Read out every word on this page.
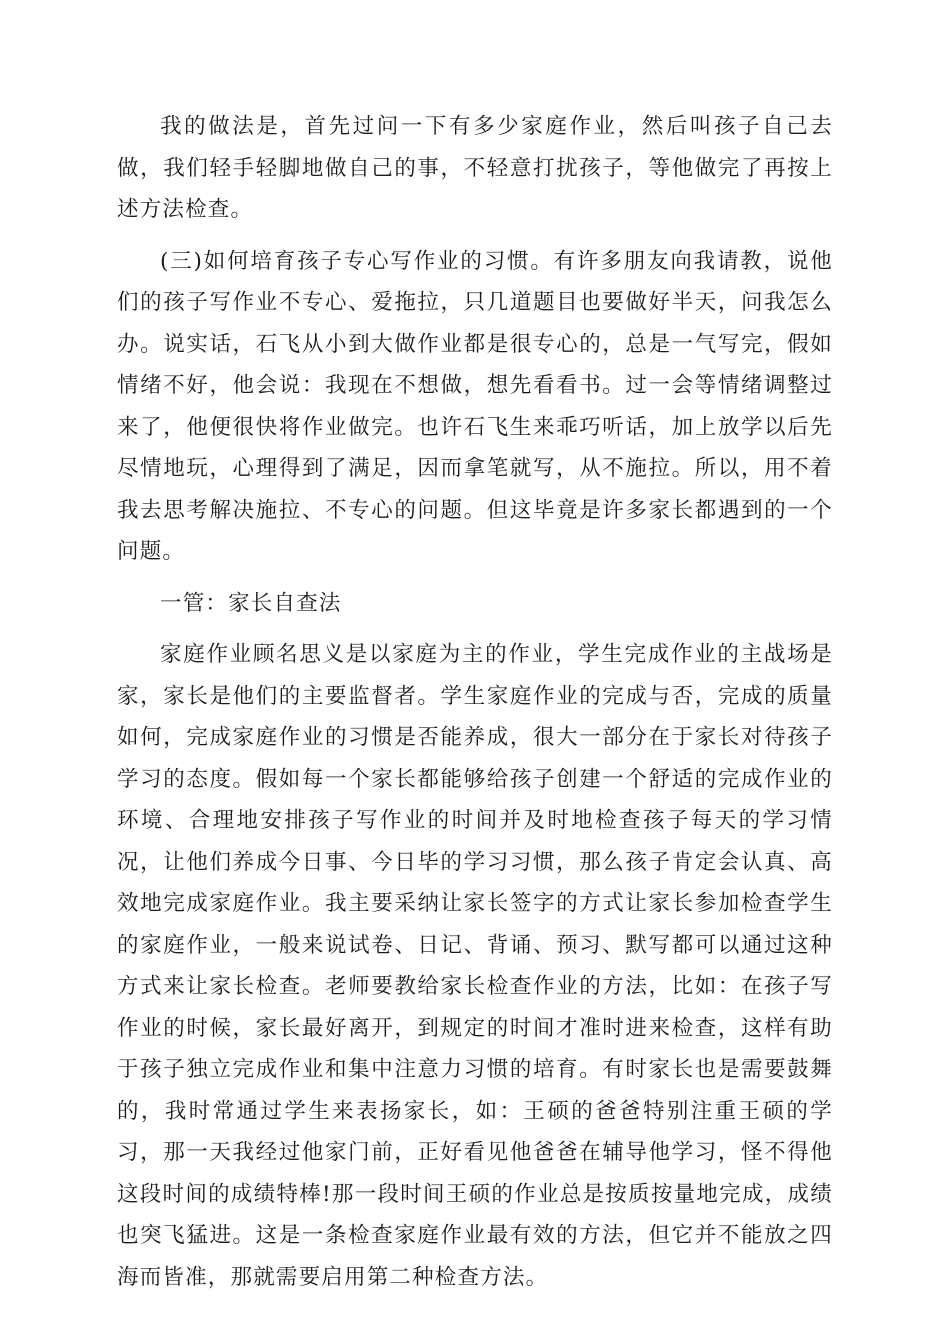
我的做法是，首先过问一下有多少家庭作业，然后叫孩子自己去做，我们轻手轻脚地做自己的事，不轻意打扰孩子，等他做完了再按上述方法检查。

(三)如何培育孩子专心写作业的习惯。有许多朋友向我请教，说他们的孩子写作业不专心、爱拖拉，只几道题目也要做好半天，问我怎么办。说实话，石飞从小到大做作业都是很专心的，总是一气写完，假如情绪不好，他会说：我现在不想做，想先看看书。过一会等情绪调整过来了，他便很快将作业做完。也许石飞生来乖巧听话，加上放学以后先尽情地玩，心理得到了满足，因而拿笔就写，从不施拉。所以，用不着我去思考解决施拉、不专心的问题。但这毕竟是许多家长都遇到的一个问题。

一管：家长自查法

家庭作业顾名思义是以家庭为主的作业，学生完成作业的主战场是家，家长是他们的主要监督者。学生家庭作业的完成与否，完成的质量如何，完成家庭作业的习惯是否能养成，很大一部分在于家长对待孩子学习的态度。假如每一个家长都能够给孩子创建一个舒适的完成作业的环境、合理地安排孩子写作业的时间并及时地检查孩子每天的学习情况，让他们养成今日事、今日毕的学习习惯，那么孩子肯定会认真、高效地完成家庭作业。我主要采纳让家长签字的方式让家长参加检查学生的家庭作业，一般来说试卷、日记、背诵、预习、默写都可以通过这种方式来让家长检查。老师要教给家长检查作业的方法，比如：在孩子写作业的时候，家长最好离开，到规定的时间才准时进来检查，这样有助于孩子独立完成作业和集中注意力习惯的培育。有时家长也是需要鼓舞的，我时常通过学生来表扬家长，如：王硕的爸爸特别注重王硕的学习，那一天我经过他家门前，正好看见他爸爸在辅导他学习，怪不得他这段时间的成绩特棒!那一段时间王硕的作业总是按质按量地完成，成绩也突飞猛进。这是一条检查家庭作业最有效的方法，但它并不能放之四海而皆准，那就需要启用第二种检查方法。
